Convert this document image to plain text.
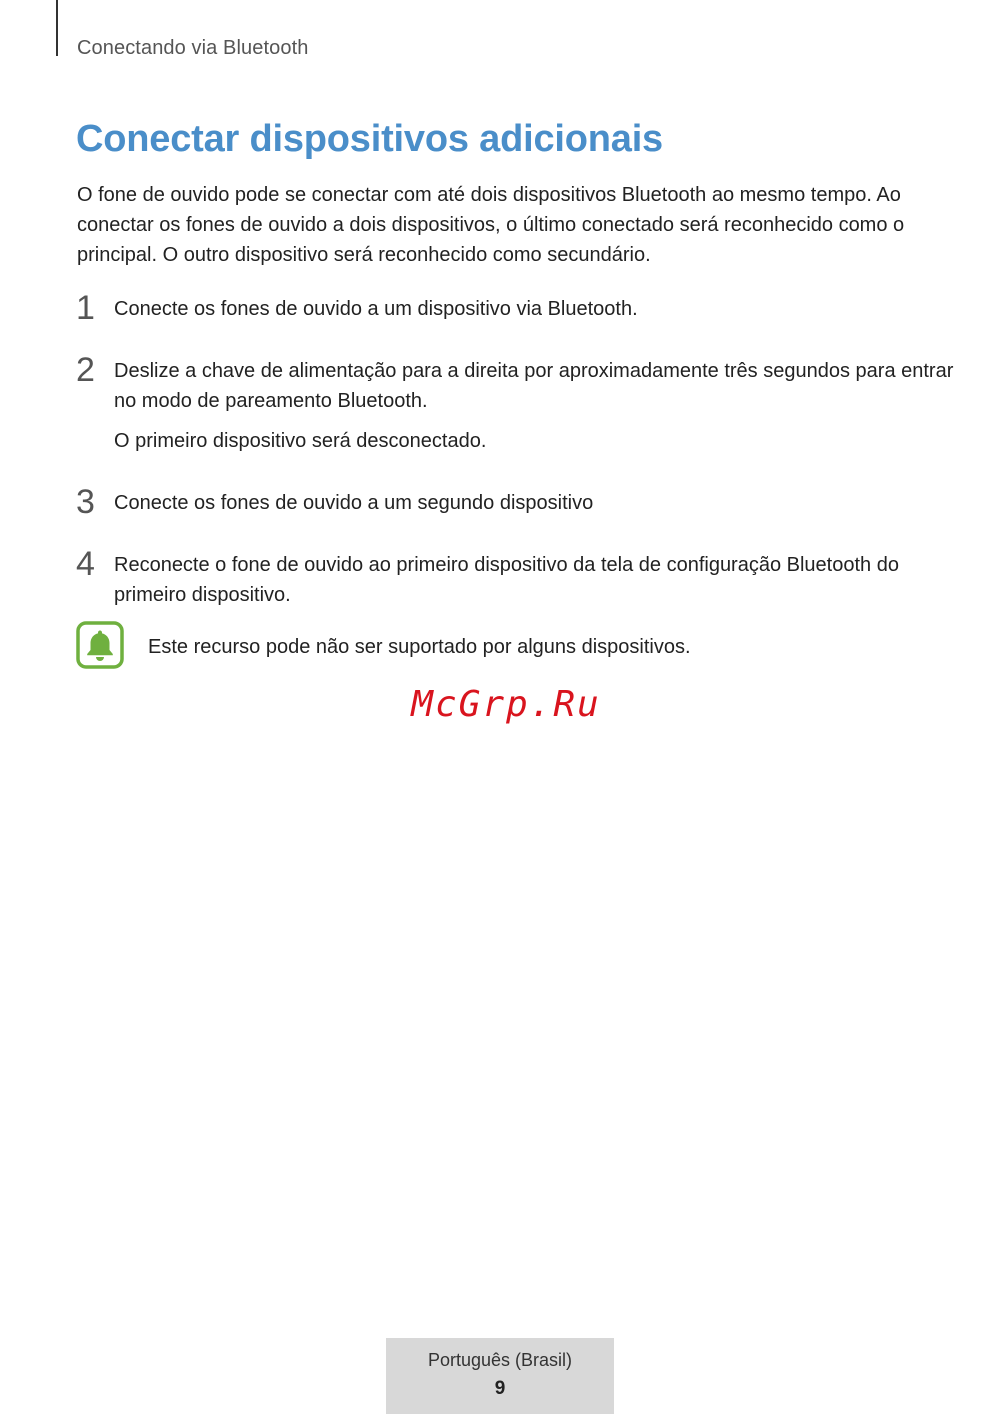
Conectando via Bluetooth
Conectar dispositivos adicionais

O fone de ouvido pode se conectar com até dois dispositivos Bluetooth ao mesmo tempo. Ao conectar os fones de ouvido a dois dispositivos, o último conectado será reconhecido como o principal. O outro dispositivo será reconhecido como secundário.

1 Conecte os fones de ouvido a um dispositivo via Bluetooth.
2 Deslize a chave de alimentação para a direita por aproximadamente três segundos para entrar no modo de pareamento Bluetooth.
O primeiro dispositivo será desconectado.
3 Conecte os fones de ouvido a um segundo dispositivo
4 Reconecte o fone de ouvido ao primeiro dispositivo da tela de configuração Bluetooth do primeiro dispositivo.
Este recurso pode não ser suportado por alguns dispositivos.
McGrp.Ru
Português (Brasil)
9
